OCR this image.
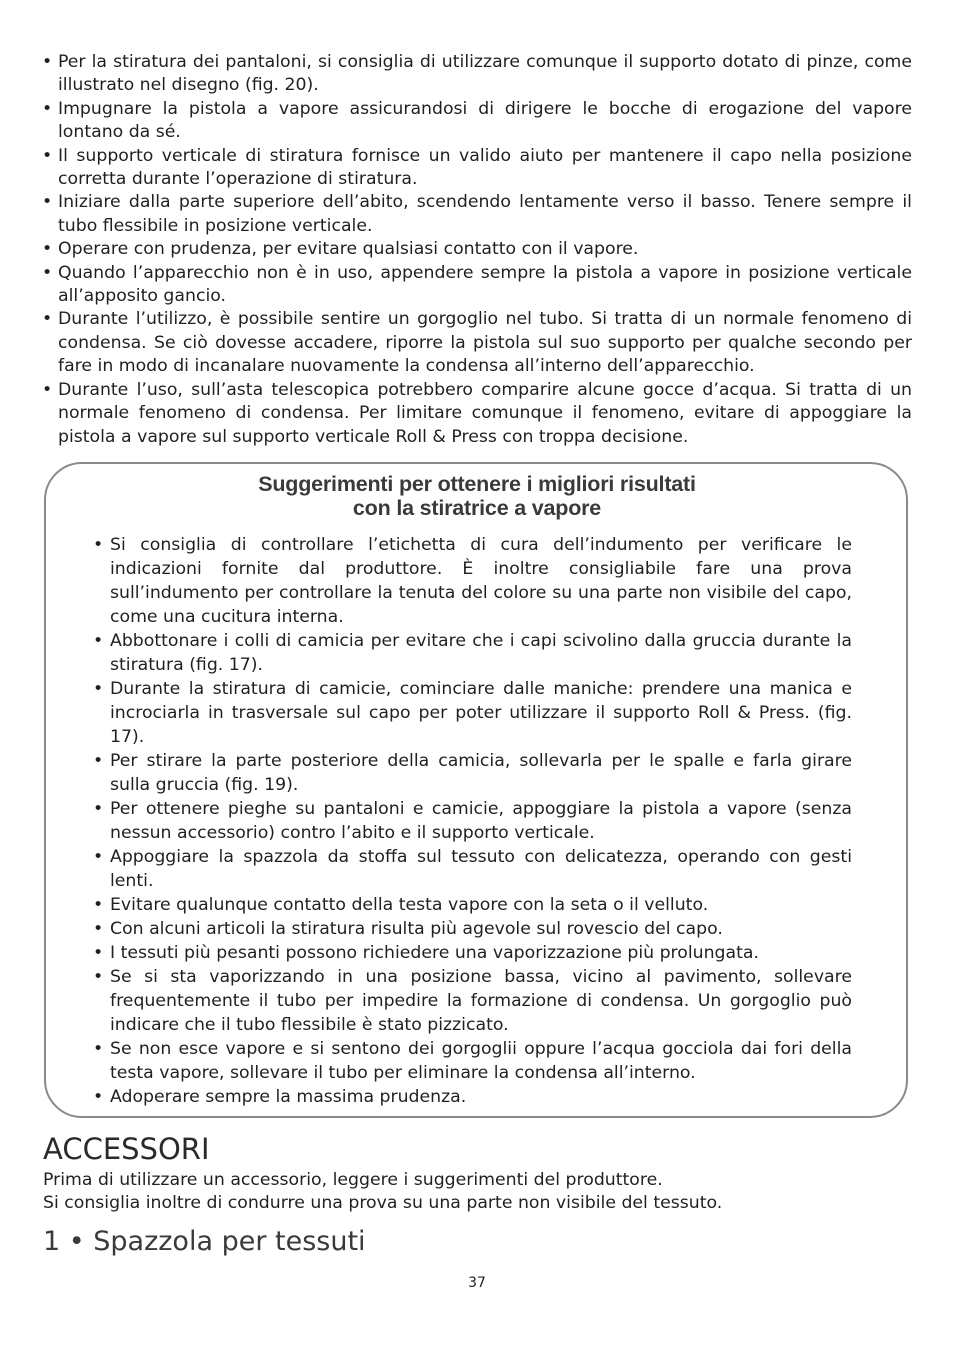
• Per la stiratura dei pantaloni, si consiglia di utilizzare comunque il supporto dotato di pinze, come illustrato nel disegno (fig. 20).
• Impugnare la pistola a vapore assicurandosi di dirigere le bocche di erogazione del vapore lontano da sé.
• Il supporto verticale di stiratura fornisce un valido aiuto per mantenere il capo nella posizione corretta durante l’operazione di stiratura.
• Iniziare dalla parte superiore dell’abito, scendendo lentamente verso il basso. Tenere sempre il tubo flessibile in posizione verticale.
• Operare con prudenza, per evitare qualsiasi contatto con il vapore.
• Quando l’apparecchio non è in uso, appendere sempre la pistola a vapore in posizione verticale all’apposito gancio.
• Durante l’utilizzo, è possibile sentire un gorgoglio nel tubo. Si tratta di un normale fenomeno di condensa. Se ciò dovesse accadere, riporre la pistola sul suo supporto per qualche secondo per fare in modo di incanalare nuovamente la condensa all’interno dell’apparecchio.
• Durante l’uso, sull’asta telescopica potrebbero comparire alcune gocce d’acqua. Si tratta di un normale fenomeno di condensa. Per limitare comunque il fenomeno, evitare di appoggiare la pistola a vapore sul supporto verticale Roll & Press con troppa decisione.
Suggerimenti per ottenere i migliori risultati
con la stiratrice a vapore
• Si consiglia di controllare l’etichetta di cura dell’indumento per verificare le indicazioni fornite dal produttore. È inoltre consigliabile fare una prova sull’indumento per controllare la tenuta del colore su una parte non visibile del capo, come una cucitura interna.
• Abbottonare i colli di camicia per evitare che i capi scivolino dalla gruccia durante la stiratura (fig. 17).
• Durante la stiratura di camicie, cominciare dalle maniche: prendere una manica e incrociarla in trasversale sul capo per poter utilizzare il supporto Roll & Press. (fig. 17).
• Per stirare la parte posteriore della camicia, sollevarla per le spalle e farla girare sulla gruccia (fig. 19).
• Per ottenere pieghe su pantaloni e camicie, appoggiare la pistola a vapore (senza nessun accessorio) contro l’abito e il supporto verticale.
• Appoggiare la spazzola da stoffa sul tessuto con delicatezza, operando con gesti lenti.
• Evitare qualunque contatto della testa vapore con la seta o il velluto.
• Con alcuni articoli la stiratura risulta più agevole sul rovescio del capo.
• I tessuti più pesanti possono richiedere una vaporizzazione più prolungata.
• Se si sta vaporizzando in una posizione bassa, vicino al pavimento, sollevare frequentemente il tubo per impedire la formazione di condensa. Un gorgoglio può indicare che il tubo flessibile è stato pizzicato.
• Se non esce vapore e si sentono dei gorgoglii oppure l’acqua gocciola dai fori della testa vapore, sollevare il tubo per eliminare la condensa all’interno.
• Adoperare sempre la massima prudenza.
ACCESSORI
Prima di utilizzare un accessorio, leggere i suggerimenti del produttore.
Si consiglia inoltre di condurre una prova su una parte non visibile del tessuto.
1 • Spazzola per tessuti
37
